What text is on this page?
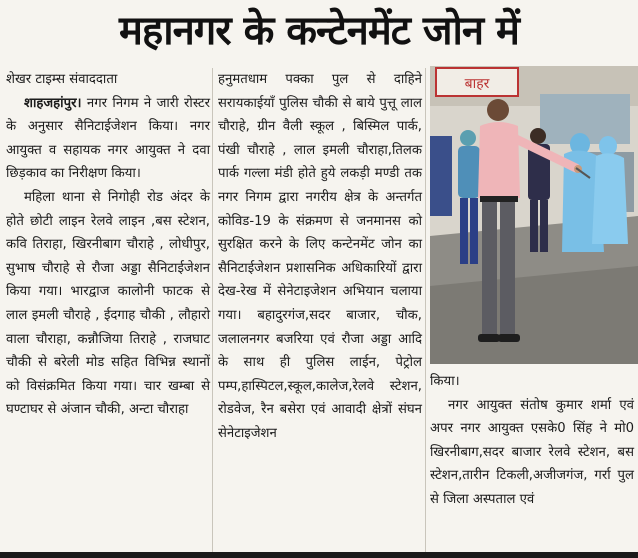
महानगर के कन्टेनमेंट जोन में

शेखर टाइम्स संवाददाता

शाहजहांपुर। नगर निगम ने जारी रोस्टर के अनुसार सैनिटाईजेशन किया। नगर आयुक्त व सहायक नगर आयुक्त ने दवा छिड़काव का निरीक्षण किया।

महिला थाना से निगोही रोड अंदर के होते छोटी लाइन रेलवे लाइन ,बस स्टेशन, कवि तिराहा, खिरनीबाग चौराहे , लोधीपुर, सुभाष चौराहे से रौजा अड्डा सैनिटाईजेशन किया गया। भारद्वाज कालोनी फाटक से लाल इमली चौराहे , ईदगाह चौकी , लौहारो वाला चौराहा, कन्नौजिया तिराहे , राजघाट चौकी से बरेली मोड सहित विभिन्न स्थानों को विसंक्रमित किया गया। चार खम्बा से घण्टाघर से अंजान चौकी, अन्टा चौराहा

हनुमतधाम पक्का पुल से दाहिने सरायकाईयाँ पुलिस चौकी से बाये पुत्तू लाल चौराहे, ग्रीन वैली स्कूल , बिस्मिल पार्क, पंखी चौराहे , लाल इमली चौराहा,तिलक पार्क गल्ला मंडी होते हुये लकड़ी मण्डी तक नगर निगम द्वारा नगरीय क्षेत्र के अन्तर्गत कोविड-19 के संक्रमण से जनमानस को सुरक्षित करने के लिए कन्टेनमेंट जोन का सैनिटाईजेशन प्रशासनिक अधिकारियों द्वारा देख-रेख में सेनेटाइजेशन अभियान चलाया गया। बहादुरगंज,सदर बाजार, चौक, जलालनगर बजरिया एवं रौजा अड्डा आदि के साथ ही पुलिस लाईन, पेट्रोल पम्प,हास्पिटल,स्कूल,कालेज,रेलवे स्टेशन, रोडवेज, रैन बसेरा एवं आवादी क्षेत्रों संघन सेनेटाइजेशन

बाहर

किया।

नगर आयुक्त संतोष कुमार शर्मा एवं अपर नगर आयुक्त एसके0 सिंह ने मो0 खिरनीबाग,सदर बाजार रेलवे स्टेशन, बस स्टेशन,तारीन टिकली,अजीजगंज, गर्रा पुल से जिला अस्पताल एवं
